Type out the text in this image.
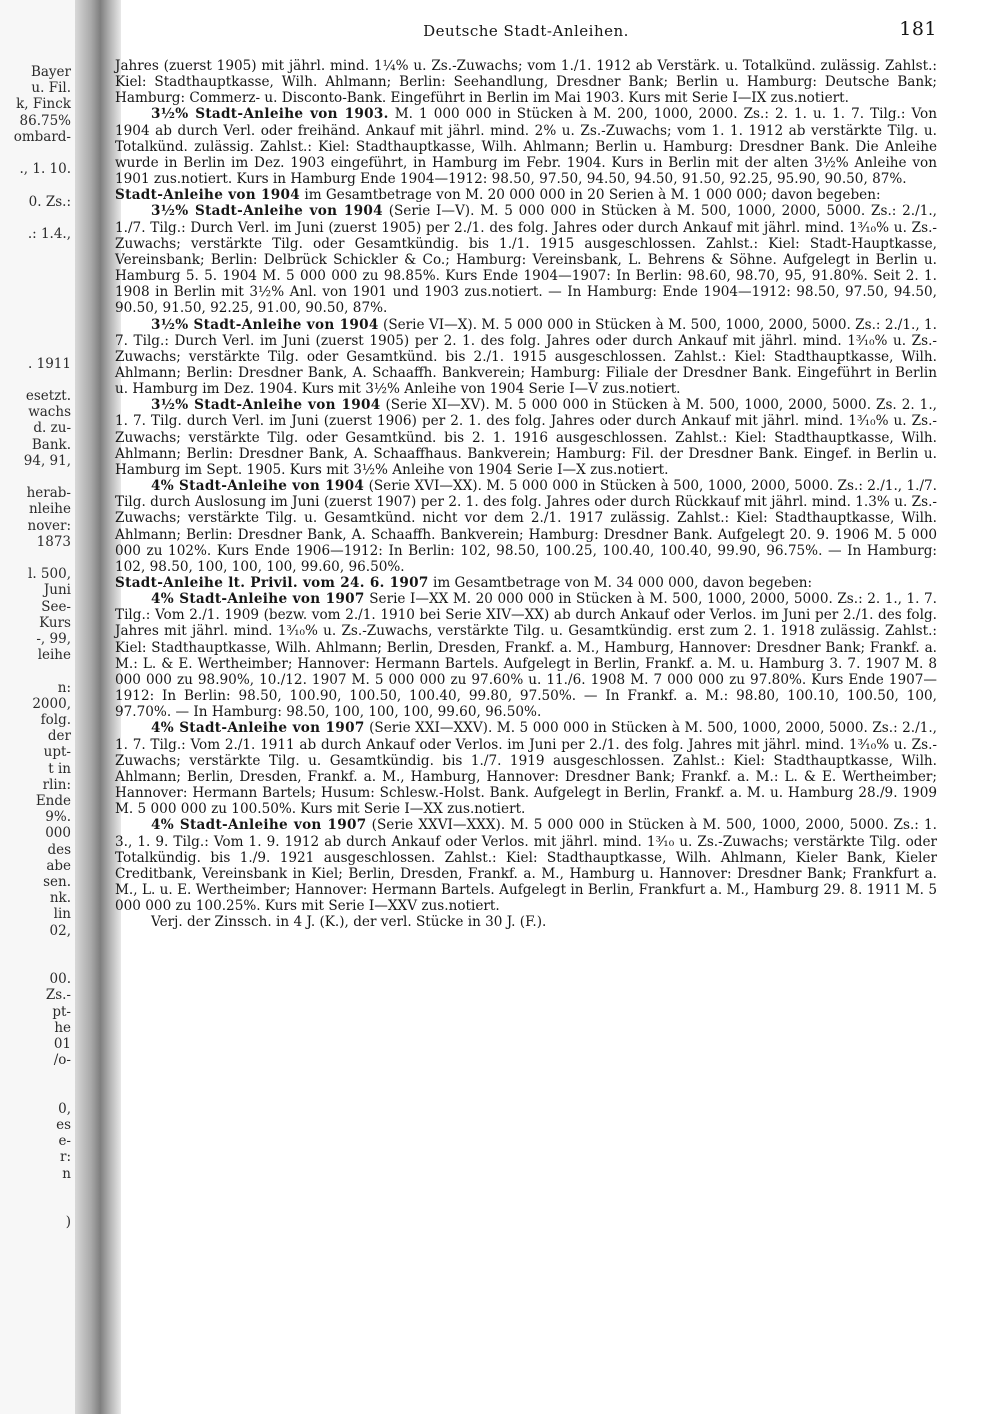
Bayer
u. Fil.
k, Finck
86.75%
ombard-
., 1. 10.
0. Zs.:
.: 1.4.,
. 1911
esetzt.
wachs
d. zu-
Bank.
94, 91,
herab-
nleihe
nover:
1873
l. 500,
Juni
See-
Kurs
-, 99,
leihe
n:
2000,
folg.
der
upt-
t in
rlin:
Ende
9%.
000
des
abe
sen.
nk.
lin
02,
00.
Zs.-
pt-
he
01
/o-
0,
es
e-
r:
n
)
Deutsche Stadt-Anleihen.	181

Jahres (zuerst 1905) mit jährl. mind. 1¼% u. Zs.-Zuwachs; vom 1./1. 1912 ab Verstärk. u. Totalkünd. zulässig. Zahlst.: Kiel: Stadthauptkasse, Wilh. Ahlmann; Berlin: Seehandlung, Dresdner Bank; Berlin u. Hamburg: Deutsche Bank; Hamburg: Commerz- u. Disconto-Bank. Eingeführt in Berlin im Mai 1903. Kurs mit Serie I—IX zus.notiert.

3½% Stadt-Anleihe von 1903. M. 1 000 000 in Stücken à M. 200, 1000, 2000. Zs.: 2. 1. u. 1. 7. Tilg.: Von 1904 ab durch Verl. oder freihänd. Ankauf mit jährl. mind. 2% u. Zs.-Zuwachs; vom 1. 1. 1912 ab verstärkte Tilg. u. Totalkünd. zulässig. Zahlst.: Kiel: Stadthauptkasse, Wilh. Ahlmann; Berlin u. Hamburg: Dresdner Bank. Die Anleihe wurde in Berlin im Dez. 1903 eingeführt, in Hamburg im Febr. 1904. Kurs in Berlin mit der alten 3½% Anleihe von 1901 zus.notiert. Kurs in Hamburg Ende 1904—1912: 98.50, 97.50, 94.50, 94.50, 91.50, 92.25, 95.90, 90.50, 87%.

Stadt-Anleihe von 1904 im Gesamtbetrage von M. 20 000 000 in 20 Serien à M. 1 000 000; davon begeben:

3½% Stadt-Anleihe von 1904 (Serie I—V). M. 5 000 000 in Stücken à M. 500, 1000, 2000, 5000. Zs.: 2./1., 1./7. Tilg.: Durch Verl. im Juni (zuerst 1905) per 2./1. des folg. Jahres oder durch Ankauf mit jährl. mind. 1³⁄₁₀% u. Zs.-Zuwachs; verstärkte Tilg. oder Gesamtkündig. bis 1./1. 1915 ausgeschlossen. Zahlst.: Kiel: Stadt-Hauptkasse, Vereinsbank; Berlin: Delbrück Schickler & Co.; Hamburg: Vereinsbank, L. Behrens & Söhne. Aufgelegt in Berlin u. Hamburg 5. 5. 1904 M. 5 000 000 zu 98.85%. Kurs Ende 1904—1907: In Berlin: 98.60, 98.70, 95, 91.80%. Seit 2. 1. 1908 in Berlin mit 3½% Anl. von 1901 und 1903 zus.notiert. — In Hamburg: Ende 1904—1912: 98.50, 97.50, 94.50, 90.50, 91.50, 92.25, 91.00, 90.50, 87%.

3½% Stadt-Anleihe von 1904 (Serie VI—X). M. 5 000 000 in Stücken à M. 500, 1000, 2000, 5000. Zs.: 2./1., 1. 7. Tilg.: Durch Verl. im Juni (zuerst 1905) per 2. 1. des folg. Jahres oder durch Ankauf mit jährl. mind. 1³⁄₁₀% u. Zs.-Zuwachs; verstärkte Tilg. oder Gesamtkünd. bis 2./1. 1915 ausgeschlossen. Zahlst.: Kiel: Stadthauptkasse, Wilh. Ahlmann; Berlin: Dresdner Bank, A. Schaaffh. Bankverein; Hamburg: Filiale der Dresdner Bank. Eingeführt in Berlin u. Hamburg im Dez. 1904. Kurs mit 3½% Anleihe von 1904 Serie I—V zus.notiert.

3½% Stadt-Anleihe von 1904 (Serie XI—XV). M. 5 000 000 in Stücken à M. 500, 1000, 2000, 5000. Zs. 2. 1., 1. 7. Tilg. durch Verl. im Juni (zuerst 1906) per 2. 1. des folg. Jahres oder durch Ankauf mit jährl. mind. 1³⁄₁₀% u. Zs.-Zuwachs; verstärkte Tilg. oder Gesamtkünd. bis 2. 1. 1916 ausgeschlossen. Zahlst.: Kiel: Stadthauptkasse, Wilh. Ahlmann; Berlin: Dresdner Bank, A. Schaaffhaus. Bankverein; Hamburg: Fil. der Dresdner Bank. Eingef. in Berlin u. Hamburg im Sept. 1905. Kurs mit 3½% Anleihe von 1904 Serie I—X zus.notiert.

4% Stadt-Anleihe von 1904 (Serie XVI—XX). M. 5 000 000 in Stücken à 500, 1000, 2000, 5000. Zs.: 2./1., 1./7. Tilg. durch Auslosung im Juni (zuerst 1907) per 2. 1. des folg. Jahres oder durch Rückkauf mit jährl. mind. 1.3% u. Zs.-Zuwachs; verstärkte Tilg. u. Gesamtkünd. nicht vor dem 2./1. 1917 zulässig. Zahlst.: Kiel: Stadthauptkasse, Wilh. Ahlmann; Berlin: Dresdner Bank, A. Schaaffh. Bankverein; Hamburg: Dresdner Bank. Aufgelegt 20. 9. 1906 M. 5 000 000 zu 102%. Kurs Ende 1906—1912: In Berlin: 102, 98.50, 100.25, 100.40, 100.40, 99.90, 96.75%. — In Hamburg: 102, 98.50, 100, 100, 100, 99.60, 96.50%.

Stadt-Anleihe lt. Privil. vom 24. 6. 1907 im Gesamtbetrage von M. 34 000 000, davon begeben:

4% Stadt-Anleihe von 1907 Serie I—XX M. 20 000 000 in Stücken à M. 500, 1000, 2000, 5000. Zs.: 2. 1., 1. 7. Tilg.: Vom 2./1. 1909 (bezw. vom 2./1. 1910 bei Serie XIV—XX) ab durch Ankauf oder Verlos. im Juni per 2./1. des folg. Jahres mit jährl. mind. 1³⁄₁₀% u. Zs.-Zuwachs, verstärkte Tilg. u. Gesamtkündig. erst zum 2. 1. 1918 zulässig. Zahlst.: Kiel: Stadthauptkasse, Wilh. Ahlmann; Berlin, Dresden, Frankf. a. M., Hamburg, Hannover: Dresdner Bank; Frankf. a. M.: L. & E. Wertheimber; Hannover: Hermann Bartels. Aufgelegt in Berlin, Frankf. a. M. u. Hamburg 3. 7. 1907 M. 8 000 000 zu 98.90%, 10./12. 1907 M. 5 000 000 zu 97.60% u. 11./6. 1908 M. 7 000 000 zu 97.80%. Kurs Ende 1907—1912: In Berlin: 98.50, 100.90, 100.50, 100.40, 99.80, 97.50%. — In Frankf. a. M.: 98.80, 100.10, 100.50, 100, 97.70%. — In Hamburg: 98.50, 100, 100, 100, 99.60, 96.50%.

4% Stadt-Anleihe von 1907 (Serie XXI—XXV). M. 5 000 000 in Stücken à M. 500, 1000, 2000, 5000. Zs.: 2./1., 1. 7. Tilg.: Vom 2./1. 1911 ab durch Ankauf oder Verlos. im Juni per 2./1. des folg. Jahres mit jährl. mind. 1³⁄₁₀% u. Zs.-Zuwachs; verstärkte Tilg. u. Gesamtkündig. bis 1./7. 1919 ausgeschlossen. Zahlst.: Kiel: Stadthauptkasse, Wilh. Ahlmann; Berlin, Dresden, Frankf. a. M., Hamburg, Hannover: Dresdner Bank; Frankf. a. M.: L. & E. Wertheimber; Hannover: Hermann Bartels; Husum: Schlesw.-Holst. Bank. Aufgelegt in Berlin, Frankf. a. M. u. Hamburg 28./9. 1909 M. 5 000 000 zu 100.50%. Kurs mit Serie I—XX zus.notiert.

4% Stadt-Anleihe von 1907 (Serie XXVI—XXX). M. 5 000 000 in Stücken à M. 500, 1000, 2000, 5000. Zs.: 1. 3., 1. 9. Tilg.: Vom 1. 9. 1912 ab durch Ankauf oder Verlos. mit jährl. mind. 1³⁄₁₀ u. Zs.-Zuwachs; verstärkte Tilg. oder Totalkündig. bis 1./9. 1921 ausgeschlossen. Zahlst.: Kiel: Stadthauptkasse, Wilh. Ahlmann, Kieler Bank, Kieler Creditbank, Vereinsbank in Kiel; Berlin, Dresden, Frankf. a. M., Hamburg u. Hannover: Dresdner Bank; Frankfurt a. M., L. u. E. Wertheimber; Hannover: Hermann Bartels. Aufgelegt in Berlin, Frankfurt a. M., Hamburg 29. 8. 1911 M. 5 000 000 zu 100.25%. Kurs mit Serie I—XXV zus.notiert.

Verj. der Zinssch. in 4 J. (K.), der verl. Stücke in 30 J. (F.).
